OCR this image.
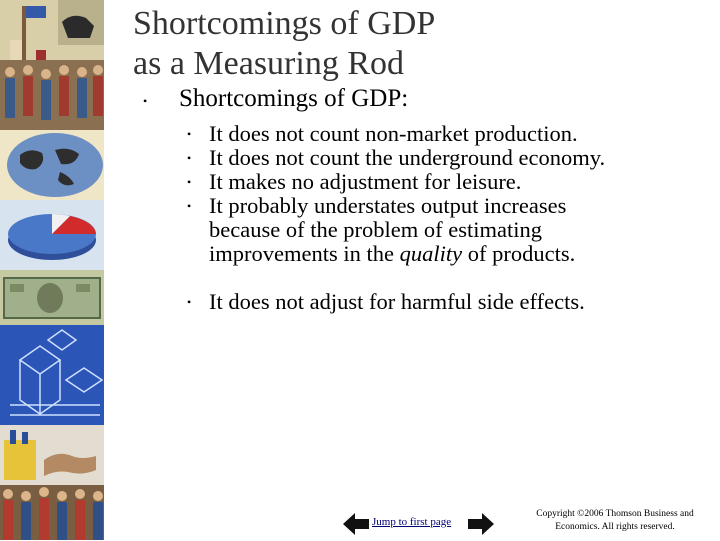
Shortcomings of GDP
as a Measuring Rod
• Shortcomings of GDP:
• It does not count non-market production.
• It does not count the underground economy.
• It makes no adjustment for leisure.
• It probably understates output increases
because of the problem of estimating
improvements in the quality of products.
• It does not adjust for harmful side effects.
Jump to first page
Copyright ©2006 Thomson Business and
Economics. All rights reserved.
